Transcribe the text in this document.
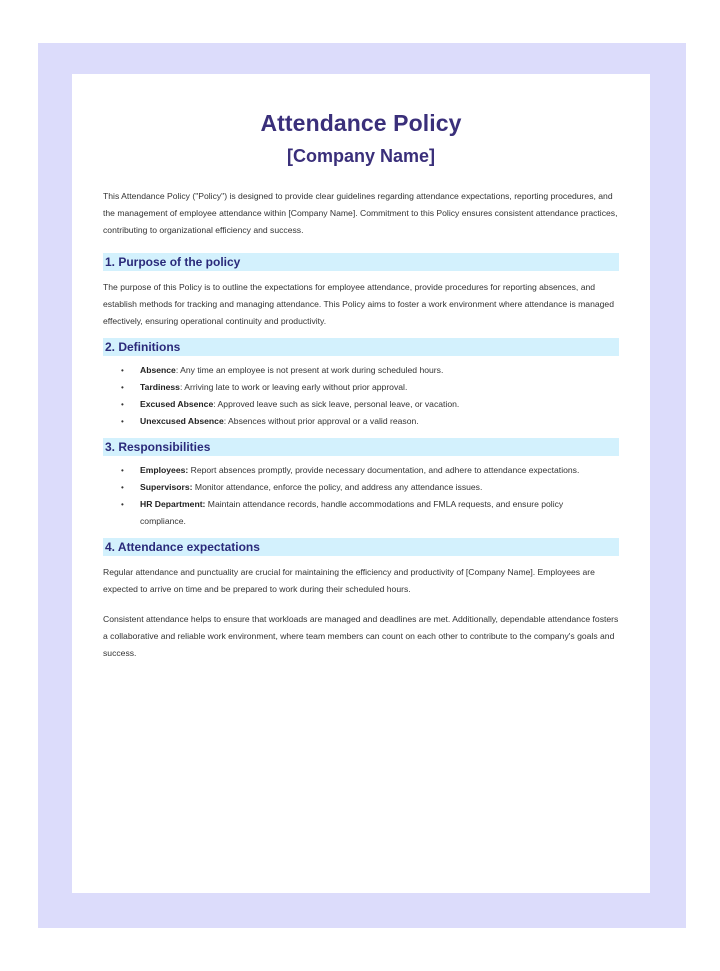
Attendance Policy
[Company Name]

This Attendance Policy ("Policy") is designed to provide clear guidelines regarding attendance expectations, reporting procedures, and the management of employee attendance within [Company Name]. Commitment to this Policy ensures consistent attendance practices, contributing to organizational efficiency and success.

1. Purpose of the policy

The purpose of this Policy is to outline the expectations for employee attendance, provide procedures for reporting absences, and establish methods for tracking and managing attendance. This Policy aims to foster a work environment where attendance is managed effectively, ensuring operational continuity and productivity.

2. Definitions
• Absence: Any time an employee is not present at work during scheduled hours.
• Tardiness: Arriving late to work or leaving early without prior approval.
• Excused Absence: Approved leave such as sick leave, personal leave, or vacation.
• Unexcused Absence: Absences without prior approval or a valid reason.
3. Responsibilities
• Employees: Report absences promptly, provide necessary documentation, and adhere to attendance expectations.
• Supervisors: Monitor attendance, enforce the policy, and address any attendance issues.
• HR Department: Maintain attendance records, handle accommodations and FMLA requests, and ensure policy compliance.
4. Attendance expectations

Regular attendance and punctuality are crucial for maintaining the efficiency and productivity of [Company Name]. Employees are expected to arrive on time and be prepared to work during their scheduled hours.

Consistent attendance helps to ensure that workloads are managed and deadlines are met. Additionally, dependable attendance fosters a collaborative and reliable work environment, where team members can count on each other to contribute to the company's goals and success.
